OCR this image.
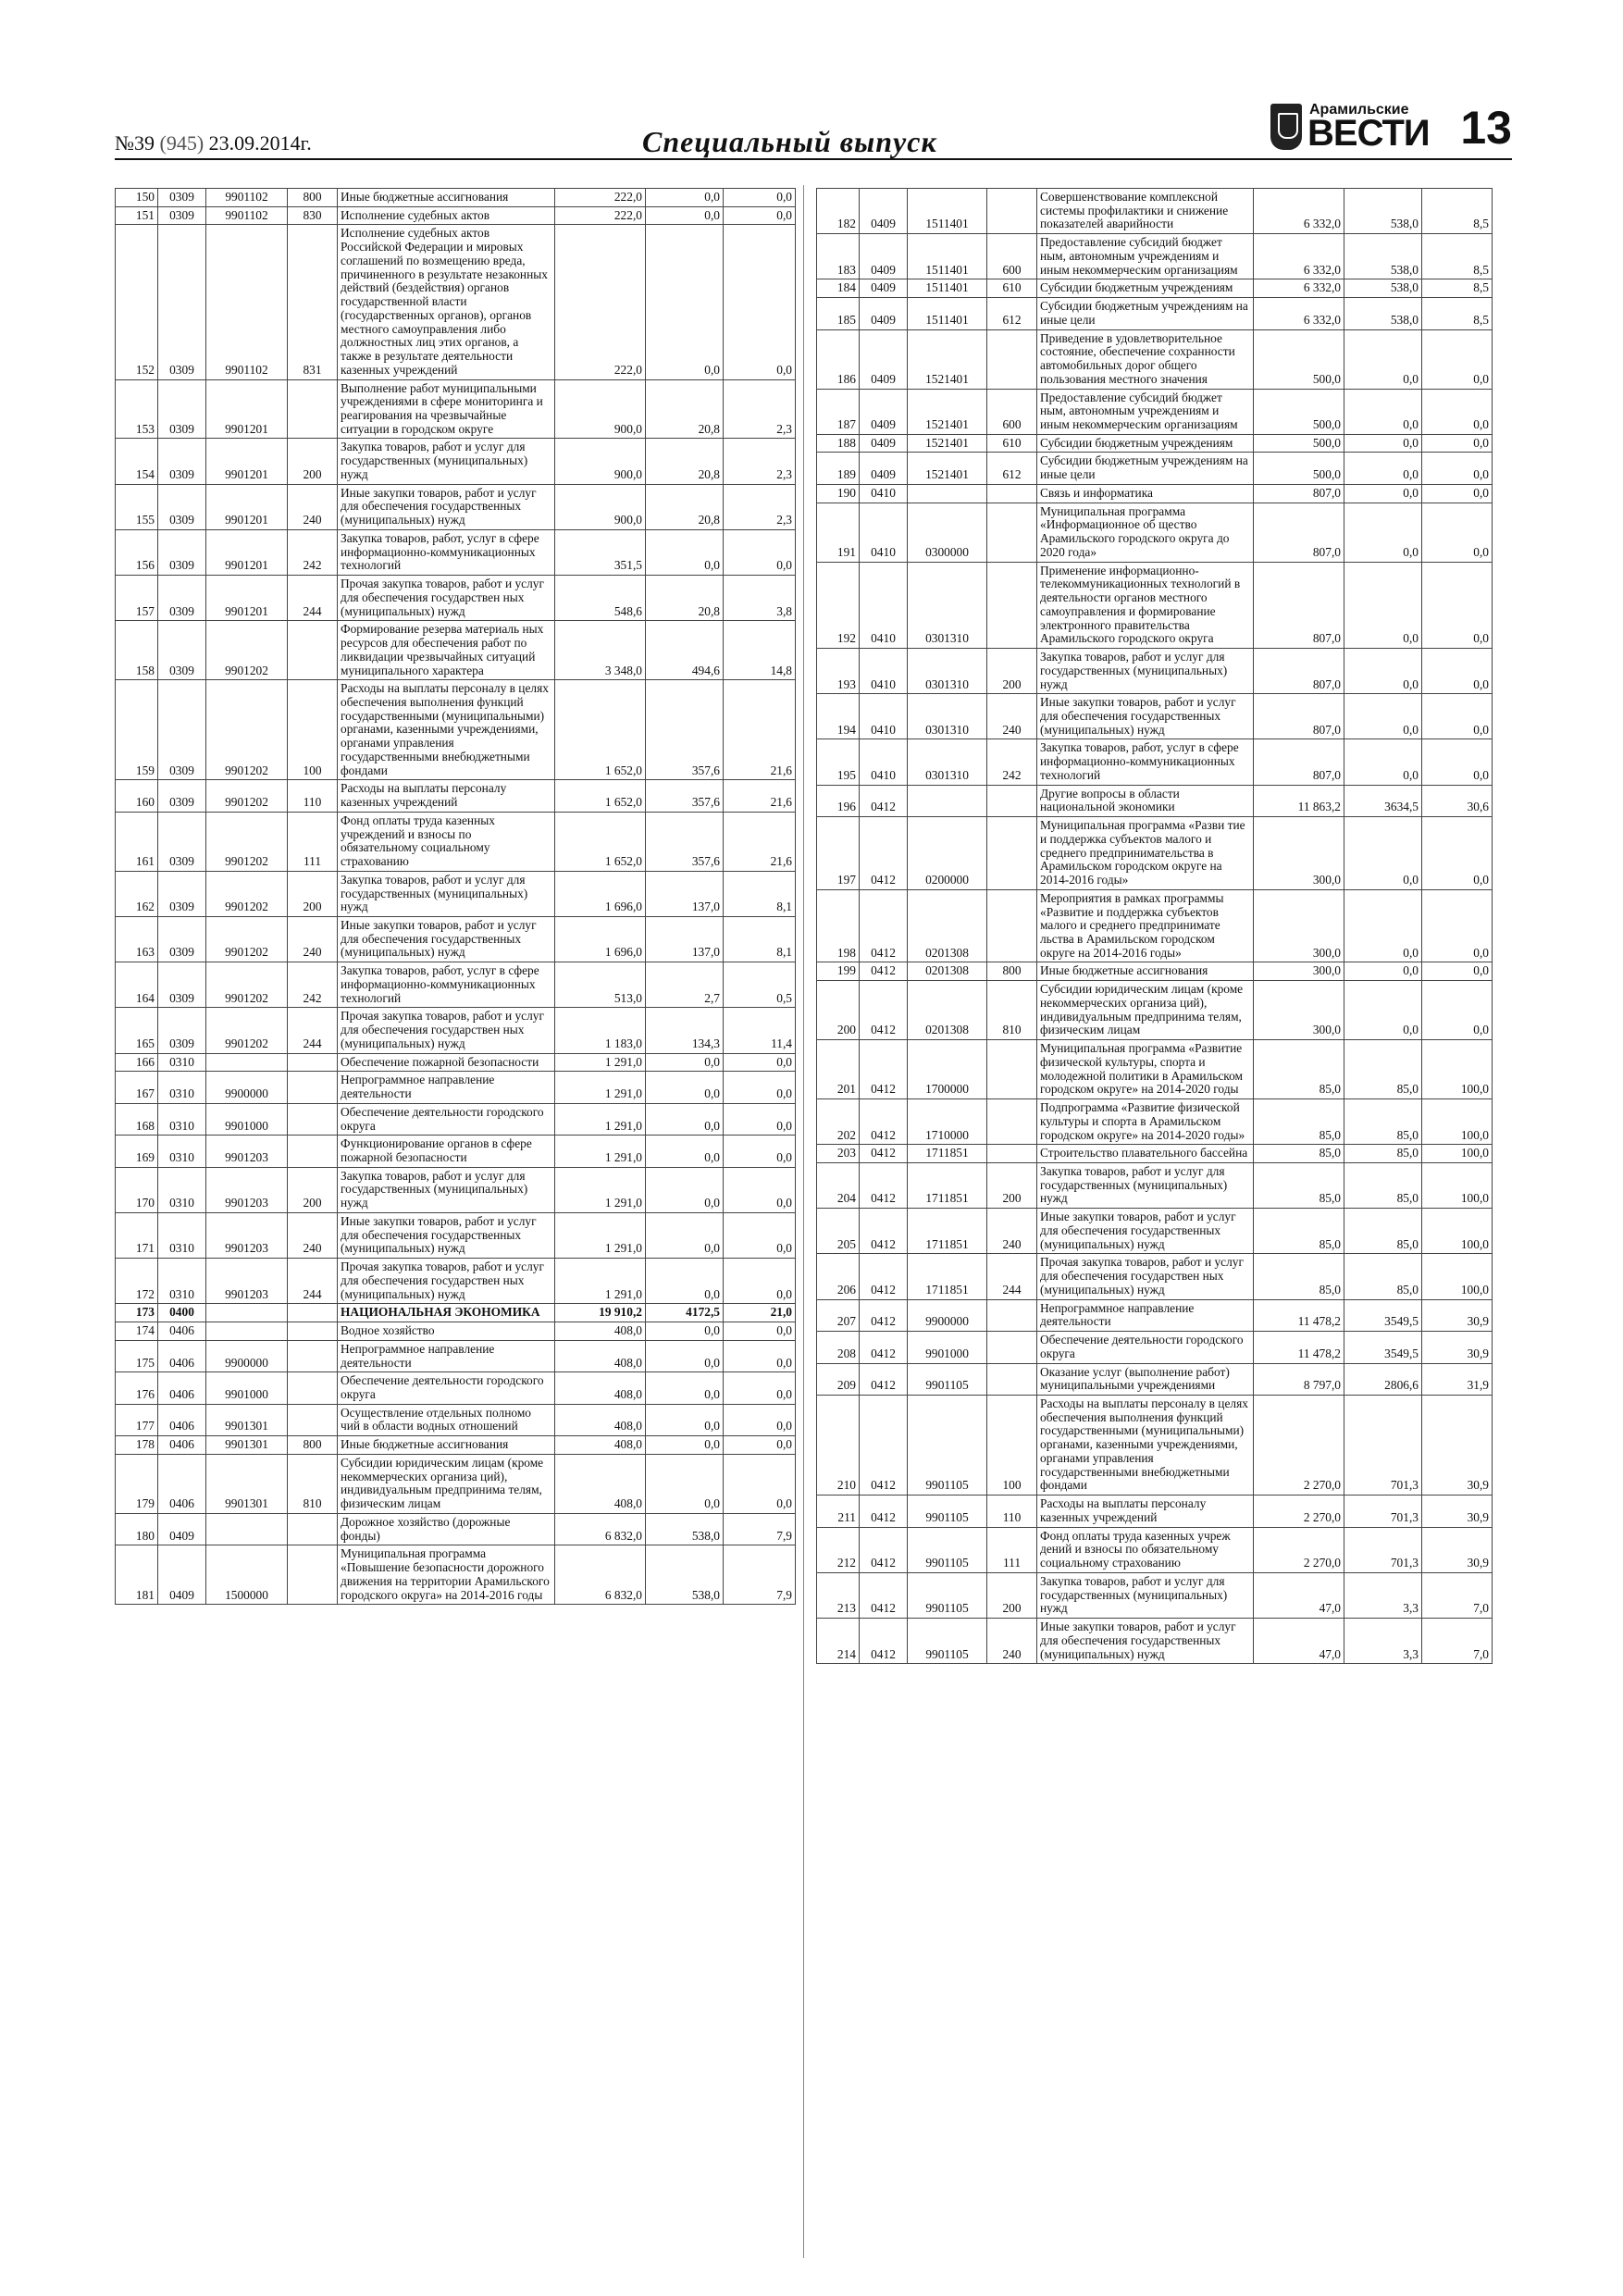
№39 (945) 23.09.2014г.	Специальный выпуск
Арамильские
ВЕСТИ 13
150	0309	9901102	800	Иные бюджетные ассигнования	222,0	0,0	0,0
151	0309	9901102	830	Исполнение судебных актов	222,0	0,0	0,0
152	0309	9901102	831	Исполнение судебных актов Российской Федерации и мировых соглашений по возмещению вреда, причиненного в результате незаконных действий (бездействия) органов государственной власти (государственных органов), органов местного самоуправления либо должностных лиц этих органов, а также в результате деятельности казенных учреждений	222,0	0,0	0,0
153	0309	9901201		Выполнение работ муниципальными учреждениями в сфере мониторинга и реагирования на чрезвычайные ситуации в городском округе	900,0	20,8	2,3
154	0309	9901201	200	Закупка товаров, работ и услуг для государственных (муниципальных) нужд	900,0	20,8	2,3
155	0309	9901201	240	Иные закупки товаров, работ и услуг для обеспечения государственных (муниципальных) нужд	900,0	20,8	2,3
156	0309	9901201	242	Закупка товаров, работ, услуг в сфере информационно-коммуникационных технологий	351,5	0,0	0,0
157	0309	9901201	244	Прочая закупка товаров, работ и услуг для обеспечения государствен ных (муниципальных) нужд	548,6	20,8	3,8
158	0309	9901202		Формирование резерва материаль ных ресурсов для обеспечения работ по ликвидации чрезвычайных ситуаций муниципального характера	3 348,0	494,6	14,8
159	0309	9901202	100	Расходы на выплаты персоналу в целях обеспечения выполнения функций государственными (муниципальными) органами, казенными учреждениями, органами управления государственными внебюджетными фондами	1 652,0	357,6	21,6
160	0309	9901202	110	Расходы на выплаты персоналу казенных учреждений	1 652,0	357,6	21,6
161	0309	9901202	111	Фонд оплаты труда казенных учреждений и взносы по обязательному социальному страхованию	1 652,0	357,6	21,6
162	0309	9901202	200	Закупка товаров, работ и услуг для государственных (муниципальных) нужд	1 696,0	137,0	8,1
163	0309	9901202	240	Иные закупки товаров, работ и услуг для обеспечения государственных (муниципальных) нужд	1 696,0	137,0	8,1
164	0309	9901202	242	Закупка товаров, работ, услуг в сфере информационно-коммуникационных технологий	513,0	2,7	0,5
165	0309	9901202	244	Прочая закупка товаров, работ и услуг для обеспечения государствен ных (муниципальных) нужд	1 183,0	134,3	11,4
166	0310			Обеспечение пожарной безопасности	1 291,0	0,0	0,0
167	0310	9900000		Непрограммное направление деятельности	1 291,0	0,0	0,0
168	0310	9901000		Обеспечение деятельности городского округа	1 291,0	0,0	0,0
169	0310	9901203		Функционирование органов в сфере пожарной безопасности	1 291,0	0,0	0,0
170	0310	9901203	200	Закупка товаров, работ и услуг для государственных (муниципальных) нужд	1 291,0	0,0	0,0
171	0310	9901203	240	Иные закупки товаров, работ и услуг для обеспечения государственных (муниципальных) нужд	1 291,0	0,0	0,0
172	0310	9901203	244	Прочая закупка товаров, работ и услуг для обеспечения государствен ных (муниципальных) нужд	1 291,0	0,0	0,0
173	0400			НАЦИОНАЛЬНАЯ ЭКОНОМИКА	19 910,2	4172,5	21,0
174	0406			Водное хозяйство	408,0	0,0	0,0
175	0406	9900000		Непрограммное направление деятельности	408,0	0,0	0,0
176	0406	9901000		Обеспечение деятельности городского округа	408,0	0,0	0,0
177	0406	9901301		Осуществление отдельных полномо чий в области водных отношений	408,0	0,0	0,0
178	0406	9901301	800	Иные бюджетные ассигнования	408,0	0,0	0,0
179	0406	9901301	810	Субсидии юридическим лицам (кроме некоммерческих организа ций), индивидуальным предпринима телям, физическим лицам	408,0	0,0	0,0
180	0409			Дорожное хозяйство (дорожные фонды)	6 832,0	538,0	7,9
181	0409	1500000		Муниципальная программа «Повышение безопасности дорожного движения на территории Арамильского городского округа» на 2014-2016 годы	6 832,0	538,0	7,9
182	0409	1511401		Совершенствование комплексной системы профилактики и снижение показателей аварийности	6 332,0	538,0	8,5
183	0409	1511401	600	Предоставление субсидий бюджет ным, автономным учреждениям и иным некоммерческим организациям	6 332,0	538,0	8,5
184	0409	1511401	610	Субсидии бюджетным учреждениям	6 332,0	538,0	8,5
185	0409	1511401	612	Субсидии бюджетным учреждениям на иные цели	6 332,0	538,0	8,5
186	0409	1521401		Приведение в удовлетворительное состояние, обеспечение сохранности автомобильных дорог общего пользования местного значения	500,0	0,0	0,0
187	0409	1521401	600	Предоставление субсидий бюджет ным, автономным учреждениям и иным некоммерческим организациям	500,0	0,0	0,0
188	0409	1521401	610	Субсидии бюджетным учреждениям	500,0	0,0	0,0
189	0409	1521401	612	Субсидии бюджетным учреждениям на иные цели	500,0	0,0	0,0
190	0410			Связь и информатика	807,0	0,0	0,0
191	0410	0300000		Муниципальная программа «Информационное об щество Арамильского городского округа до 2020 года»	807,0	0,0	0,0
192	0410	0301310		Применение информационно-телекоммуникационных технологий в деятельности органов местного самоуправления и формирование электронного правительства Арамильского городского округа	807,0	0,0	0,0
193	0410	0301310	200	Закупка товаров, работ и услуг для государственных (муниципальных) нужд	807,0	0,0	0,0
194	0410	0301310	240	Иные закупки товаров, работ и услуг для обеспечения государственных (муниципальных) нужд	807,0	0,0	0,0
195	0410	0301310	242	Закупка товаров, работ, услуг в сфере информационно-коммуникационных технологий	807,0	0,0	0,0
196	0412			Другие вопросы в области национальной экономики	11 863,2	3634,5	30,6
197	0412	0200000		Муниципальная программа «Разви тие и поддержка субъектов малого и среднего предпринимательства в Арамильском городском округе на 2014-2016 годы»	300,0	0,0	0,0
198	0412	0201308		Мероприятия в рамках программы «Развитие и поддержка субъектов малого и среднего предпринимате льства в Арамильском городском округе на 2014-2016 годы»	300,0	0,0	0,0
199	0412	0201308	800	Иные бюджетные ассигнования	300,0	0,0	0,0
200	0412	0201308	810	Субсидии юридическим лицам (кроме некоммерческих организа ций), индивидуальным предпринима телям, физическим лицам	300,0	0,0	0,0
201	0412	1700000		Муниципальная программа «Развитие физической культуры, спорта и молодежной политики в Арамильском городском округе» на 2014-2020 годы	85,0	85,0	100,0
202	0412	1710000		Подпрограмма «Развитие физической культуры и спорта в Арамильском городском округе» на 2014-2020 годы»	85,0	85,0	100,0
203	0412	1711851		Строительство плавательного бассейна	85,0	85,0	100,0
204	0412	1711851	200	Закупка товаров, работ и услуг для государственных (муниципальных) нужд	85,0	85,0	100,0
205	0412	1711851	240	Иные закупки товаров, работ и услуг для обеспечения государственных (муниципальных) нужд	85,0	85,0	100,0
206	0412	1711851	244	Прочая закупка товаров, работ и услуг для обеспечения государствен ных (муниципальных) нужд	85,0	85,0	100,0
207	0412	9900000		Непрограммное направление деятельности	11 478,2	3549,5	30,9
208	0412	9901000		Обеспечение деятельности городского округа	11 478,2	3549,5	30,9
209	0412	9901105		Оказание услуг (выполнение работ) муниципальными учреждениями	8 797,0	2806,6	31,9
210	0412	9901105	100	Расходы на выплаты персоналу в целях обеспечения выполнения функций государственными (муниципальными) органами, казенными учреждениями, органами управления государственными внебюджетными фондами	2 270,0	701,3	30,9
211	0412	9901105	110	Расходы на выплаты персоналу казенных учреждений	2 270,0	701,3	30,9
212	0412	9901105	111	Фонд оплаты труда казенных учреж дений и взносы по обязательному социальному страхованию	2 270,0	701,3	30,9
213	0412	9901105	200	Закупка товаров, работ и услуг для государственных (муниципальных) нужд	47,0	3,3	7,0
214	0412	9901105	240	Иные закупки товаров, работ и услуг для обеспечения государственных (муниципальных) нужд	47,0	3,3	7,0
